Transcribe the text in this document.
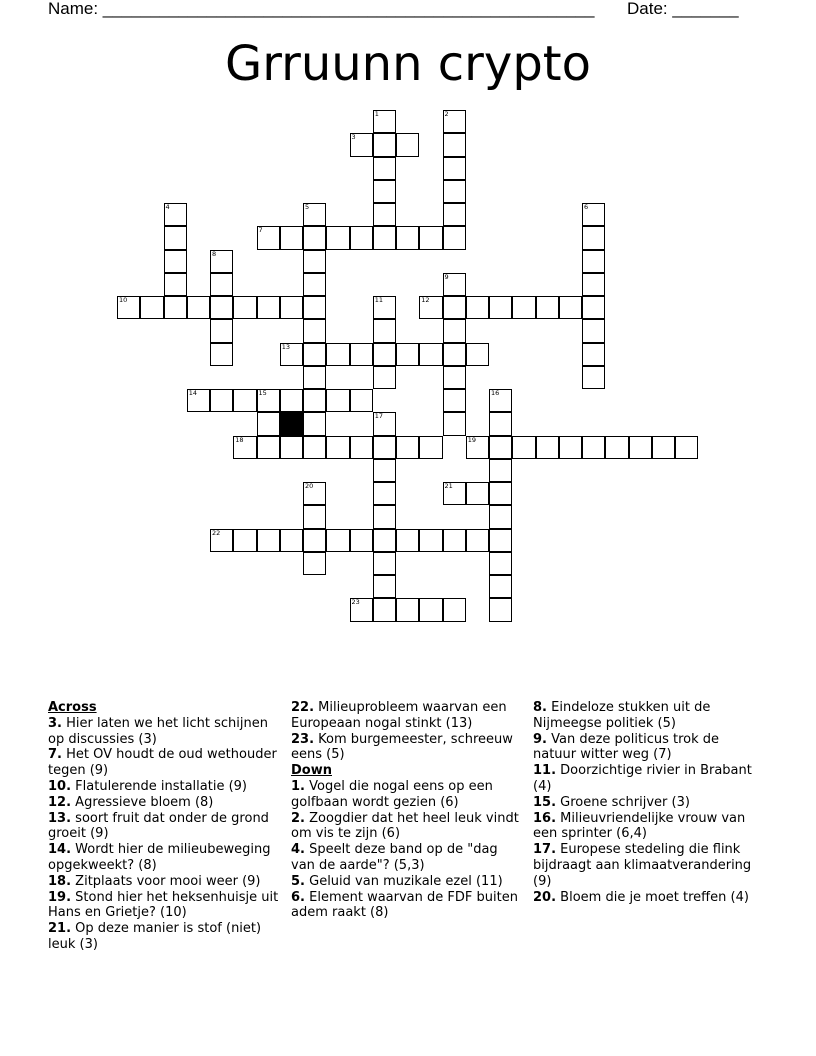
Name: ____________________________________________________ Date: _______
Grruunn crypto
1	2
3
4	5	6
7
8
9
10	11	12
13
14	15	16
17
18	19
20	21
22
23
Across
3. Hier laten we het licht schijnen op discussies (3)
7. Het OV houdt de oud wethouder tegen (9)
10. Flatulerende installatie (9)
12. Agressieve bloem (8)
13. soort fruit dat onder de grond groeit (9)
14. Wordt hier de milieubeweging opgekweekt? (8)
18. Zitplaats voor mooi weer (9)
19. Stond hier het heksenhuisje uit Hans en Grietje? (10)
21. Op deze manier is stof (niet) leuk (3)
22. Milieuprobleem waarvan een Europeaan nogal stinkt (13)
23. Kom burgemeester, schreeuw eens (5)
Down
1. Vogel die nogal eens op een golfbaan wordt gezien (6)
2. Zoogdier dat het heel leuk vindt om vis te zijn (6)
4. Speelt deze band op de "dag van de aarde"? (5,3)
5. Geluid van muzikale ezel (11)
6. Element waarvan de FDF buiten adem raakt (8)
8. Eindeloze stukken uit de Nijmeegse politiek (5)
9. Van deze politicus trok de natuur witter weg (7)
11. Doorzichtige rivier in Brabant (4)
15. Groene schrijver (3)
16. Milieuvriendelijke vrouw van een sprinter (6,4)
17. Europese stedeling die flink bijdraagt aan klimaatverandering (9)
20. Bloem die je moet treffen (4)
